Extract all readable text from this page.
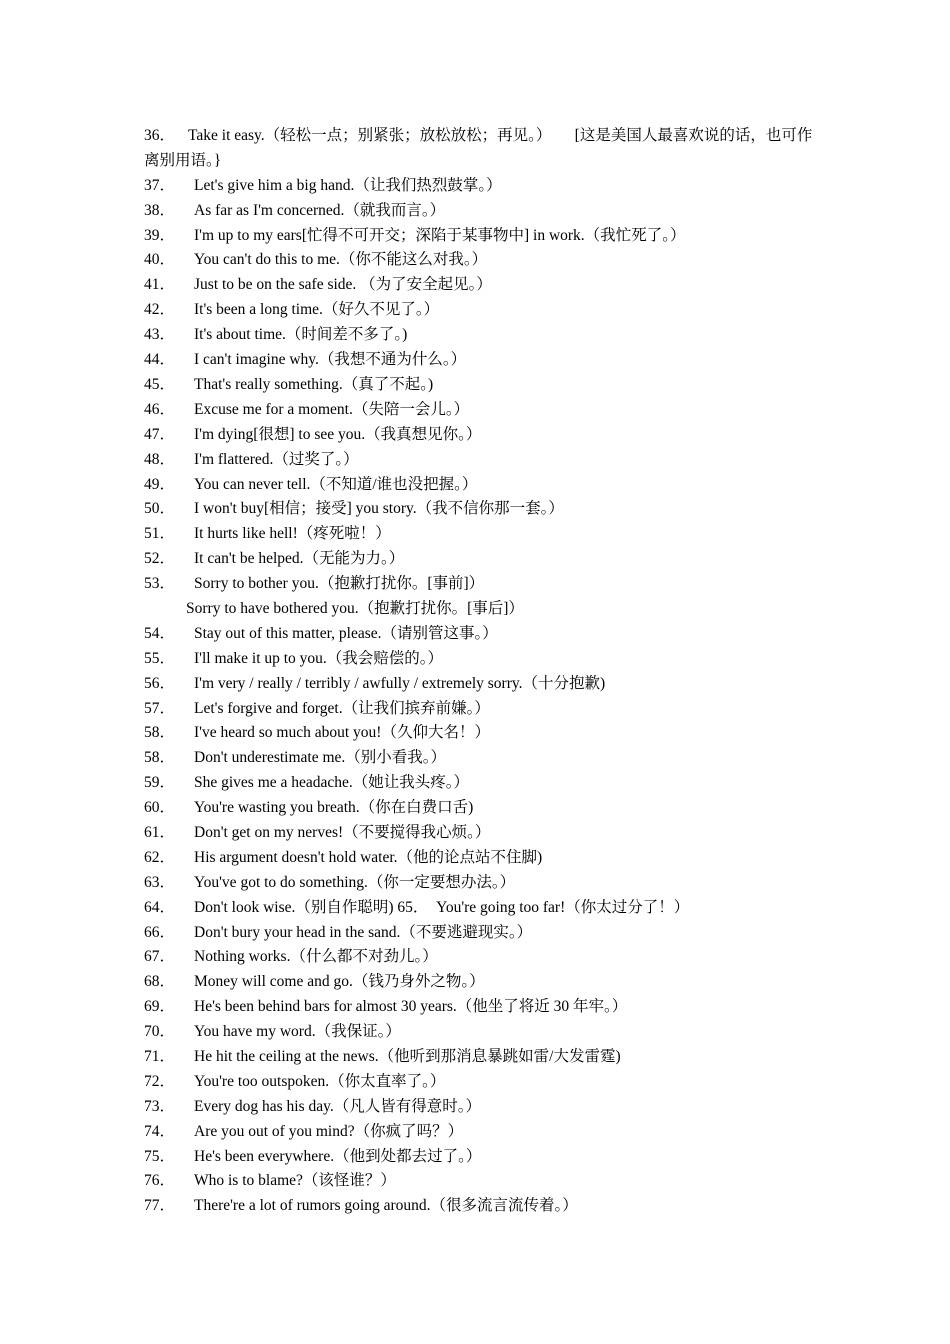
36． Take it easy.（轻松一点；别紧张；放松放松；再见。）　　[这是美国人最喜欢说的话，也可作离别用语。}
37． Let's give him a big hand.（让我们热烈鼓掌。）
38． As far as I'm concerned.（就我而言。）
39． I'm up to my ears[忙得不可开交；深陷于某事物中] in work.（我忙死了。）
40． You can't do this to me.（你不能这么对我。）
41． Just to be on the safe side. （为了安全起见。）
42． It's been a long time.（好久不见了。）
43． It's about time.（时间差不多了。)
44． I can't imagine why.（我想不通为什么。）
45． That's really something.（真了不起。)
46． Excuse me for a moment.（失陪一会儿。）
47． I'm dying[很想] to see you.（我真想见你。）
48． I'm flattered.（过奖了。）
49． You can never tell.（不知道/谁也没把握。）
50． I won't buy[相信；接受] you story.（我不信你那一套。）
51． It hurts like hell!（疼死啦！）
52． It can't be helped.（无能为力。）
53． Sorry to bother you.（抱歉打扰你。[事前]）
Sorry to have bothered you.（抱歉打扰你。[事后]）
54． Stay out of this matter, please.（请别管这事。）
55． I'll make it up to you.（我会赔偿的。）
56． I'm very / really / terribly / awfully / extremely sorry.（十分抱歉)
57． Let's forgive and forget.（让我们摈弃前嫌。）
58． I've heard so much about you!（久仰大名！）
58． Don't underestimate me.（别小看我。）
59． She gives me a headache.（她让我头疼。）
60． You're wasting you breath.（你在白费口舌)
61． Don't get on my nerves!（不要搅得我心烦。）
62． His argument doesn't hold water.（他的论点站不住脚)
63． You've got to do something.（你一定要想办法。）
64． Don't look wise.（别自作聪明) 65．　You're going too far!（你太过分了！）
66． Don't bury your head in the sand.（不要逃避现实。）
67． Nothing works.（什么都不对劲儿。）
68． Money will come and go.（钱乃身外之物。）
69． He's been behind bars for almost 30 years.（他坐了将近 30 年牢。）
70． You have my word.（我保证。）
71． He hit the ceiling at the news.（他听到那消息暴跳如雷/大发雷霆)
72． You're too outspoken.（你太直率了。）
73． Every dog has his day.（凡人皆有得意时。）
74． Are you out of you mind?（你疯了吗？）
75． He's been everywhere.（他到处都去过了。）
76． Who is to blame?（该怪谁？）
77． There're a lot of rumors going around.（很多流言流传着。）
